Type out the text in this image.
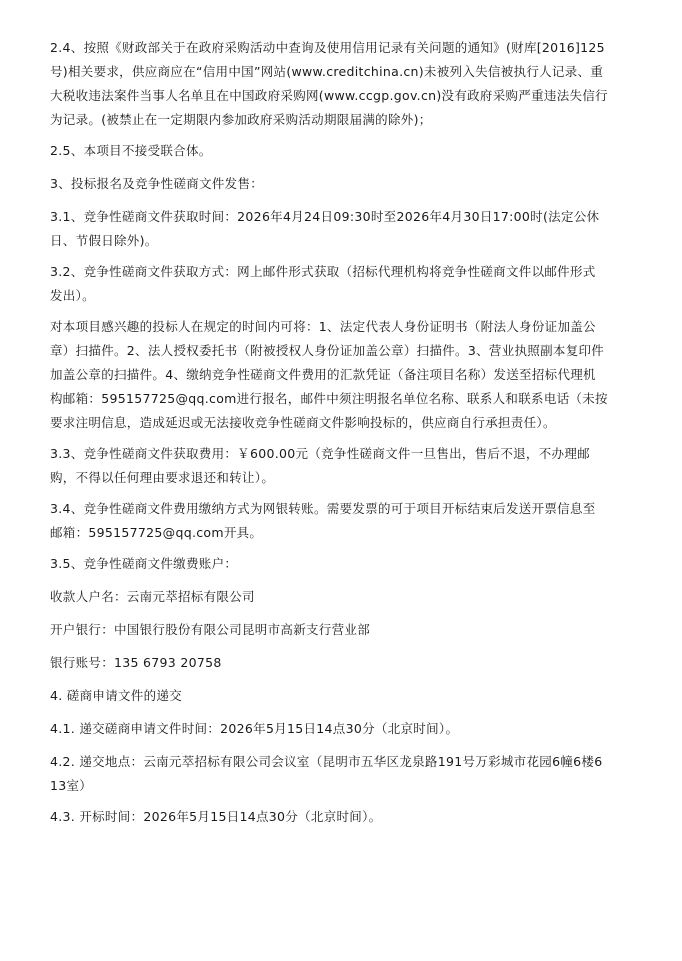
2.4、按照《财政部关于在政府采购活动中查询及使用信用记录有关问题的通知》(财库[2016]125号)相关要求，供应商应在“信用中国”网站(www.creditchina.cn)未被列入失信被执行人记录、重大税收违法案件当事人名单且在中国政府采购网(www.ccgp.gov.cn)没有政府采购严重违法失信行为记录。(被禁止在一定期限内参加政府采购活动期限届满的除外)；

2.5、本项目不接受联合体。

3、投标报名及竞争性磋商文件发售：

3.1、竞争性磋商文件获取时间：2026年4月24日09:30时至2026年4月30日17:00时(法定公休日、节假日除外)。

3.2、竞争性磋商文件获取方式：网上邮件形式获取（招标代理机构将竞争性磋商文件以邮件形式发出）。

对本项目感兴趣的投标人在规定的时间内可将：1、法定代表人身份证明书（附法人身份证加盖公章）扫描件。2、法人授权委托书（附被授权人身份证加盖公章）扫描件。3、营业执照副本复印件加盖公章的扫描件。4、缴纳竞争性磋商文件费用的汇款凭证（备注项目名称）发送至招标代理机构邮箱：595157725@qq.com进行报名，邮件中须注明报名单位名称、联系人和联系电话（未按要求注明信息，造成延迟或无法接收竞争性磋商文件影响投标的，供应商自行承担责任）。

3.3、竞争性磋商文件获取费用：￥600.00元（竞争性磋商文件一旦售出，售后不退，不办理邮购，不得以任何理由要求退还和转让）。

3.4、竞争性磋商文件费用缴纳方式为网银转账。需要发票的可于项目开标结束后发送开票信息至邮箱：595157725@qq.com开具。

3.5、竞争性磋商文件缴费账户：

收款人户名：云南元萃招标有限公司

开户银行：中国银行股份有限公司昆明市高新支行营业部

银行账号：135 6793 20758

4. 磋商申请文件的递交

4.1. 递交磋商申请文件时间：2026年5月15日14点30分（北京时间）。

4.2. 递交地点：云南元萃招标有限公司会议室（昆明市五华区龙泉路191号万彩城市花园6幢6楼613室）

4.3. 开标时间：2026年5月15日14点30分（北京时间）。
